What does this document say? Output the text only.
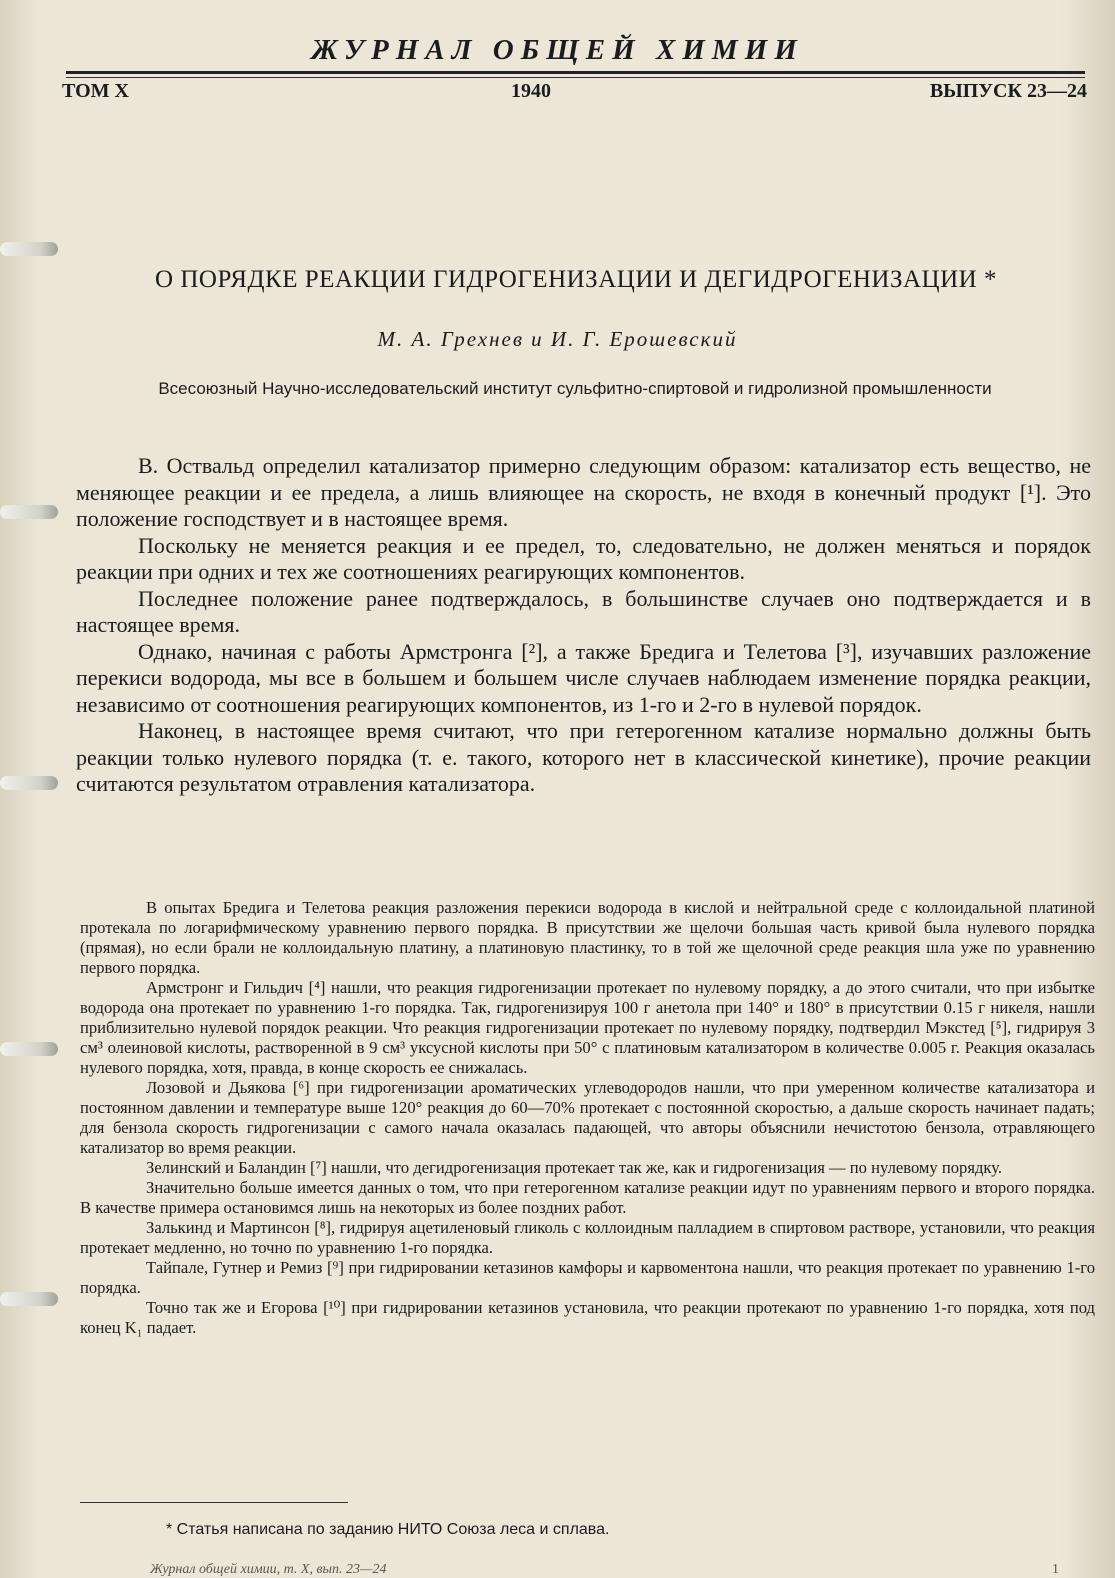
ЖУРНАЛ ОБЩЕЙ ХИМИИ
ТОМ X	1940	ВЫПУСК 23—24
О ПОРЯДКЕ РЕАКЦИИ ГИДРОГЕНИЗАЦИИ И ДЕГИДРОГЕНИЗАЦИИ *
М. А. Грехнев и И. Г. Ерошевский
Всесоюзный Научно-исследовательский институт сульфитно-спиртовой и гидролизной промышленности

В. Оствальд определил катализатор примерно следующим образом: катализатор есть вещество, не меняющее реакции и ее предела, а лишь влияющее на скорость, не входя в конечный продукт [¹]. Это положение господствует и в настоящее время.

Поскольку не меняется реакция и ее предел, то, следовательно, не должен меняться и порядок реакции при одних и тех же соотношениях реагирующих компонентов.

Последнее положение ранее подтверждалось, в большинстве случаев оно подтверждается и в настоящее время.

Однако, начиная с работы Армстронга [²], а также Бредига и Телетова [³], изучавших разложение перекиси водорода, мы все в большем и большем числе случаев наблюдаем изменение порядка реакции, независимо от соотношения реагирующих компонентов, из 1-го и 2-го в нулевой порядок.

Наконец, в настоящее время считают, что при гетерогенном катализе нормально должны быть реакции только нулевого порядка (т. е. такого, которого нет в классической кинетике), прочие реакции считаются результатом отравления катализатора.

В опытах Бредига и Телетова реакция разложения перекиси водорода в кислой и нейтральной среде с коллоидальной платиной протекала по логарифмическому уравнению первого порядка. В присутствии же щелочи большая часть кривой была нулевого порядка (прямая), но если брали не коллоидальную платину, а платиновую пластинку, то в той же щелочной среде реакция шла уже по уравнению первого порядка.

Армстронг и Гильдич [⁴] нашли, что реакция гидрогенизации протекает по нулевому порядку, а до этого считали, что при избытке водорода она протекает по уравнению 1-го порядка. Так, гидрогенизируя 100 г анетола при 140° и 180° в присутствии 0.15 г никеля, нашли приблизительно нулевой порядок реакции. Что реакция гидрогенизации протекает по нулевому порядку, подтвердил Мэкстед [⁵], гидрируя 3 см³ олеиновой кислоты, растворенной в 9 см³ уксусной кислоты при 50° с платиновым катализатором в количестве 0.005 г. Реакция оказалась нулевого порядка, хотя, правда, в конце скорость ее снижалась.

Лозовой и Дьякова [⁶] при гидрогенизации ароматических углеводородов нашли, что при умеренном количестве катализатора и постоянном давлении и температуре выше 120° реакция до 60—70% протекает с постоянной скоростью, а дальше скорость начинает падать; для бензола скорость гидрогенизации с самого начала оказалась падающей, что авторы объяснили нечистотою бензола, отравляющего катализатор во время реакции.

Зелинский и Баландин [⁷] нашли, что дегидрогенизация протекает так же, как и гидрогенизация — по нулевому порядку.

Значительно больше имеется данных о том, что при гетерогенном катализе реакции идут по уравнениям первого и второго порядка. В качестве примера остановимся лишь на некоторых из более поздних работ.

Залькинд и Мартинсон [⁸], гидрируя ацетиленовый гликоль с коллоидным палладием в спиртовом растворе, установили, что реакция протекает медленно, но точно по уравнению 1-го порядка.

Тайпале, Гутнер и Ремиз [⁹] при гидрировании кетазинов камфоры и карвоментона нашли, что реакция протекает по уравнению 1-го порядка.

Точно так же и Егорова [¹⁰] при гидрировании кетазинов установила, что реакции протекают по уравнению 1-го порядка, хотя под конец K₁ падает.

* Статья написана по заданию НИТО Союза леса и сплава.
Журнал общей химии, т. X, вып. 23—24	1
